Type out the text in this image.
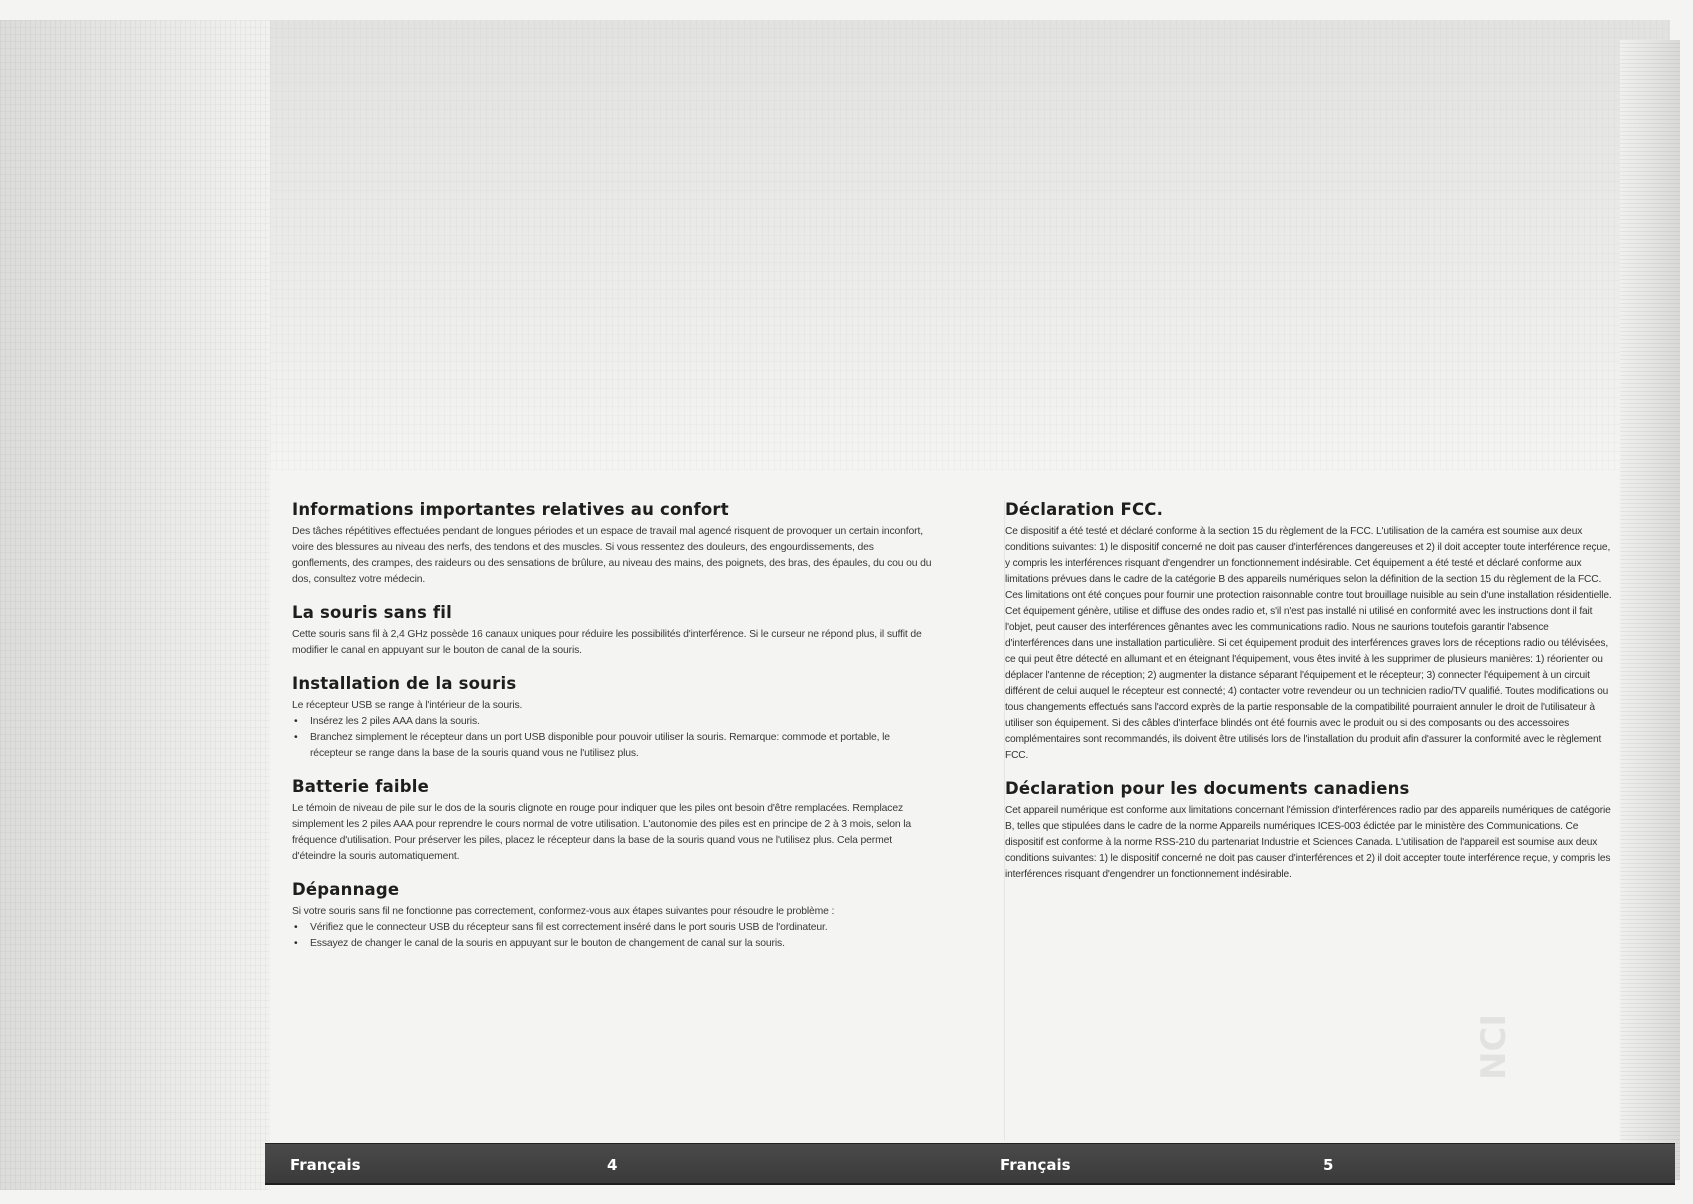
Informations importantes relatives au confort

Des tâches répétitives effectuées pendant de longues périodes et un espace de travail mal agencé risquent de provoquer un certain inconfort, voire des blessures au niveau des nerfs, des tendons et des muscles. Si vous ressentez des douleurs, des engourdissements, des gonflements, des crampes, des raideurs ou des sensations de brûlure, au niveau des mains, des poignets, des bras, des épaules, du cou ou du dos, consultez votre médecin.

La souris sans fil

Cette souris sans fil à 2,4 GHz possède 16 canaux uniques pour réduire les possibilités d'interférence. Si le curseur ne répond plus, il suffit de modifier le canal en appuyant sur le bouton de canal de la souris.

Installation de la souris

Le récepteur USB se range à l'intérieur de la souris.

• Insérez les 2 piles AAA dans la souris.
• Branchez simplement le récepteur dans un port USB disponible pour pouvoir utiliser la souris. Remarque: commode et portable, le récepteur se range dans la base de la souris quand vous ne l'utilisez plus.
Batterie faible

Le témoin de niveau de pile sur le dos de la souris clignote en rouge pour indiquer que les piles ont besoin d'être remplacées. Remplacez simplement les 2 piles AAA pour reprendre le cours normal de votre utilisation. L'autonomie des piles est en principe de 2 à 3 mois, selon la fréquence d'utilisation. Pour préserver les piles, placez le récepteur dans la base de la souris quand vous ne l'utilisez plus. Cela permet d'éteindre la souris automatiquement.

Dépannage

Si votre souris sans fil ne fonctionne pas correctement, conformez-vous aux étapes suivantes pour résoudre le problème :

• Vérifiez que le connecteur USB du récepteur sans fil est correctement inséré dans le port souris USB de l'ordinateur.
• Essayez de changer le canal de la souris en appuyant sur le bouton de changement de canal sur la souris.
Déclaration FCC.

Ce dispositif a été testé et déclaré conforme à la section 15 du règlement de la FCC. L'utilisation de la caméra est soumise aux deux conditions suivantes: 1) le dispositif concerné ne doit pas causer d'interférences dangereuses et 2) il doit accepter toute interférence reçue, y compris les interférences risquant d'engendrer un fonctionnement indésirable. Cet équipement a été testé et déclaré conforme aux limitations prévues dans le cadre de la catégorie B des appareils numériques selon la définition de la section 15 du règlement de la FCC. Ces limitations ont été conçues pour fournir une protection raisonnable contre tout brouillage nuisible au sein d'une installation résidentielle. Cet équipement génère, utilise et diffuse des ondes radio et, s'il n'est pas installé ni utilisé en conformité avec les instructions dont il fait l'objet, peut causer des interférences gênantes avec les communications radio. Nous ne saurions toutefois garantir l'absence d'interférences dans une installation particulière. Si cet équipement produit des interférences graves lors de réceptions radio ou télévisées, ce qui peut être détecté en allumant et en éteignant l'équipement, vous êtes invité à les supprimer de plusieurs manières: 1) réorienter ou déplacer l'antenne de réception; 2) augmenter la distance séparant l'équipement et le récepteur; 3) connecter l'équipement à un circuit différent de celui auquel le récepteur est connecté; 4) contacter votre revendeur ou un technicien radio/TV qualifié. Toutes modifications ou tous changements effectués sans l'accord exprès de la partie responsable de la compatibilité pourraient annuler le droit de l'utilisateur à utiliser son équipement. Si des câbles d'interface blindés ont été fournis avec le produit ou si des composants ou des accessoires complémentaires sont recommandés, ils doivent être utilisés lors de l'installation du produit afin d'assurer la conformité avec le règlement FCC.

Déclaration pour les documents canadiens

Cet appareil numérique est conforme aux limitations concernant l'émission d'interférences radio par des appareils numériques de catégorie B, telles que stipulées dans le cadre de la norme Appareils numériques ICES-003 édictée par le ministère des Communications. Ce dispositif est conforme à la norme RSS-210 du partenariat Industrie et Sciences Canada. L'utilisation de l'appareil est soumise aux deux conditions suivantes: 1) le dispositif concerné ne doit pas causer d'interférences et 2) il doit accepter toute interférence reçue, y compris les interférences risquant d'engendrer un fonctionnement indésirable.

NCI
Français	4	Français	5
